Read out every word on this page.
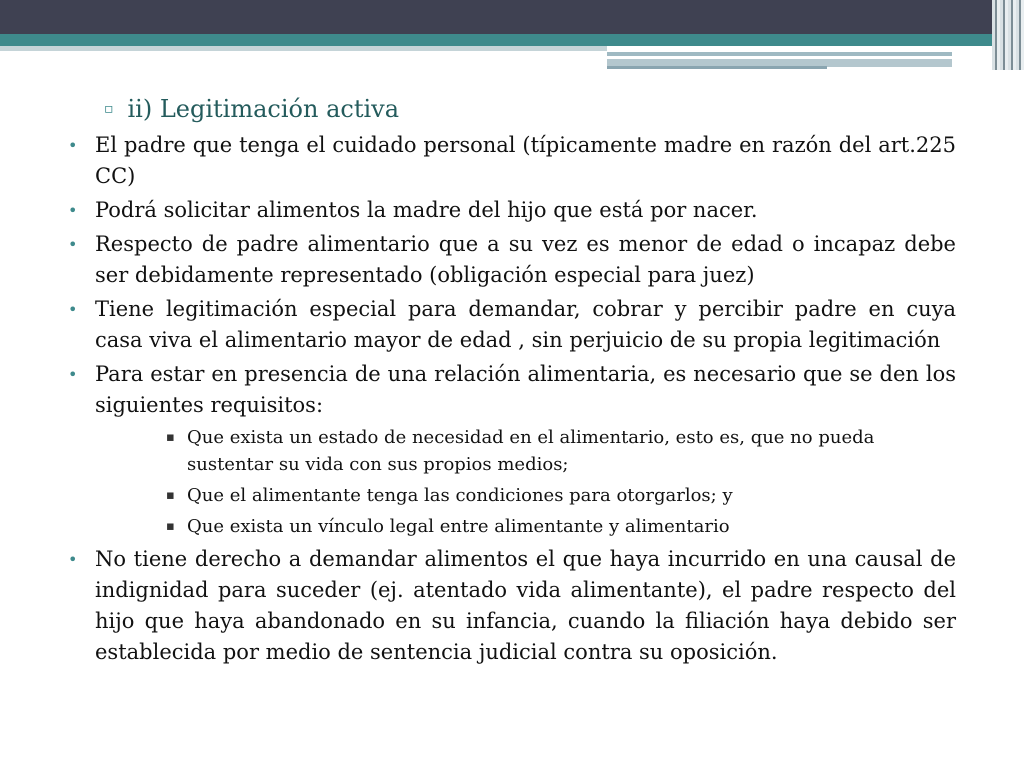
▫ ii) Legitimación activa
• El padre que tenga el cuidado personal (típicamente madre en razón del art.225 CC)
• Podrá solicitar alimentos la madre del hijo que está por nacer.
• Respecto de padre alimentario que a su vez es menor de edad o incapaz debe ser debidamente representado (obligación especial para juez)
• Tiene legitimación especial para demandar, cobrar y percibir padre en cuya casa viva el alimentario mayor de edad , sin perjuicio de su propia legitimación
• Para estar en presencia de una relación alimentaria, es necesario que se den los siguientes requisitos:
▪ Que exista un estado de necesidad en el alimentario, esto es, que no pueda sustentar su vida con sus propios medios;
▪ Que el alimentante tenga las condiciones para otorgarlos; y
▪ Que exista un vínculo legal entre alimentante y alimentario
• No tiene derecho a demandar alimentos el que haya incurrido en una causal de indignidad para suceder (ej. atentado vida alimentante), el padre respecto del hijo que haya abandonado en su infancia, cuando la filiación haya debido ser establecida por medio de sentencia judicial contra su oposición.
